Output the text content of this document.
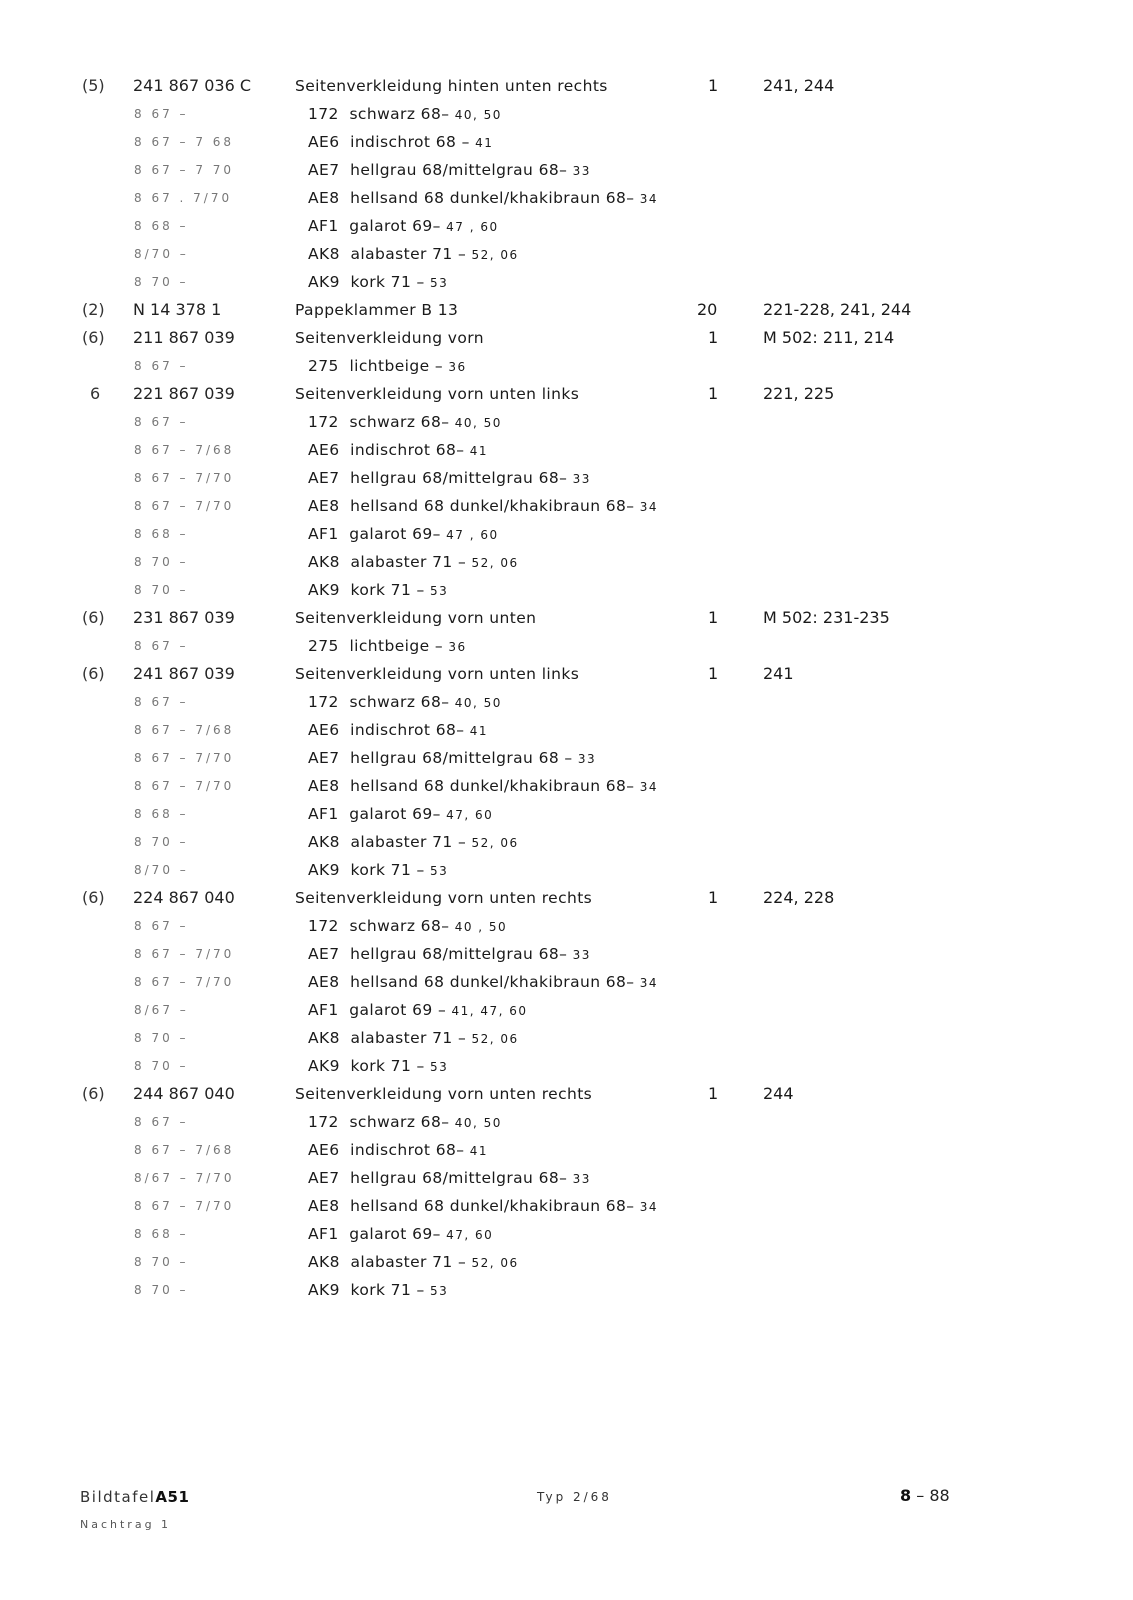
(5) 241 867 036 C	Seitenverkleidung hinten unten rechts	1	241, 244
8 67 –	172 schwarz 68– 40, 50
8 67 – 7 68	AE6 indischrot 68 – 41
8 67 – 7 70	AE7 hellgrau 68/mittelgrau 68– 33
8 67 . 7/70	AE8 hellsand 68 dunkel/khakibraun 68– 34
8 68 –	AF1 galarot 69– 47 , 60
8/70 –	AK8 alabaster 71 – 52, 06
8 70 –	AK9 kork 71 – 53
(2) N 14 378 1	Pappeklammer B 13	20	221-228, 241, 244
(6) 211 867 039	Seitenverkleidung vorn	1	M 502: 211, 214
8 67 –	275 lichtbeige – 36
6 221 867 039	Seitenverkleidung vorn unten links	1	221, 225
8 67 –	172 schwarz 68– 40, 50
8 67 – 7/68	AE6 indischrot 68– 41
8 67 – 7/70	AE7 hellgrau 68/mittelgrau 68– 33
8 67 – 7/70	AE8 hellsand 68 dunkel/khakibraun 68– 34
8 68 –	AF1 galarot 69– 47 , 60
8 70 –	AK8 alabaster 71 – 52, 06
8 70 –	AK9 kork 71 – 53
(6) 231 867 039	Seitenverkleidung vorn unten	1	M 502: 231-235
8 67 –	275 lichtbeige – 36
(6) 241 867 039	Seitenverkleidung vorn unten links	1	241
8 67 –	172 schwarz 68– 40, 50
8 67 – 7/68	AE6 indischrot 68– 41
8 67 – 7/70	AE7 hellgrau 68/mittelgrau 68 – 33
8 67 – 7/70	AE8 hellsand 68 dunkel/khakibraun 68– 34
8 68 –	AF1 galarot 69– 47, 60
8 70 –	AK8 alabaster 71 – 52, 06
8/70 –	AK9 kork 71 – 53
(6) 224 867 040	Seitenverkleidung vorn unten rechts	1	224, 228
8 67 –	172 schwarz 68– 40 , 50
8 67 – 7/70	AE7 hellgrau 68/mittelgrau 68– 33
8 67 – 7/70	AE8 hellsand 68 dunkel/khakibraun 68– 34
8/67 –	AF1 galarot 69 – 41, 47, 60
8 70 –	AK8 alabaster 71 – 52, 06
8 70 –	AK9 kork 71 – 53
(6) 244 867 040	Seitenverkleidung vorn unten rechts	1	244
8 67 –	172 schwarz 68– 40, 50
8 67 – 7/68	AE6 indischrot 68– 41
8/67 – 7/70	AE7 hellgrau 68/mittelgrau 68– 33
8 67 – 7/70	AE8 hellsand 68 dunkel/khakibraun 68– 34
8 68 –	AF1 galarot 69– 47, 60
8 70 –	AK8 alabaster 71 – 52, 06
8 70 –	AK9 kork 71 – 53
BildtafelA51
Nachtrag 1
Typ 2/68	8 – 88
